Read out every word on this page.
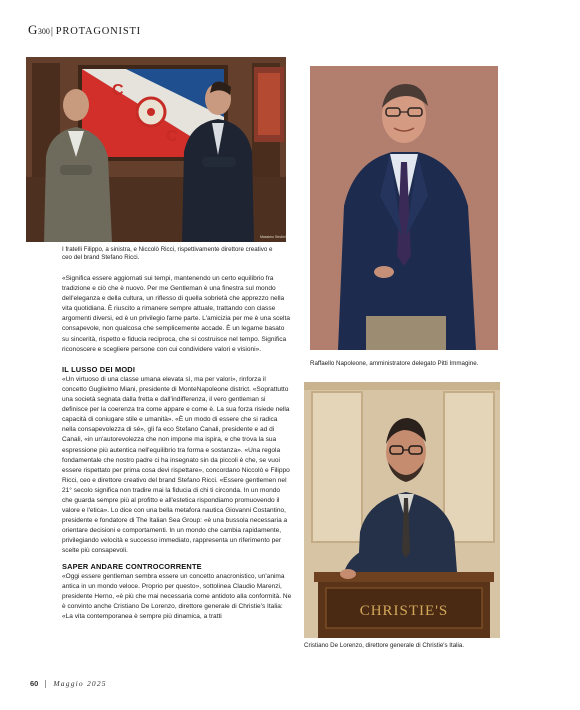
G 300 | PROTAGONISTI
C
C
Massimo Sestini
I fratelli Filippo, a sinistra, e Niccolò Ricci, rispettivamente direttore creativo e ceo del brand Stefano Ricci.
Raffaello Napoleone, amministratore delegato Pitti Immagine.
CHRISTIE'S
Cristiano De Lorenzo, direttore generale di Christie's Italia.

«Significa essere aggiornati sui tempi, mantenendo un certo equilibrio fra tradizione e ciò che è nuovo. Per me Gentleman è una finestra sul mondo dell'eleganza e della cultura, un riflesso di quella sobrietà che apprezzo nella vita quotidiana. È riuscito a rimanere sempre attuale, trattando con classe argomenti diversi, ed è un privilegio farne parte. L'amicizia per me è una scelta consapevole, non qualcosa che semplicemente accade. È un legame basato su sincerità, rispetto e fiducia reciproca, che si costruisce nel tempo. Significa riconoscere e scegliere persone con cui condividere valori e visioni».

IL LUSSO DEI MODI

«Un virtuoso di una classe umana elevata sì, ma per valori», rinforza il concetto Guglielmo Miani, presidente di MonteNapoleone district. «Soprattutto una società segnata dalla fretta e dall'indifferenza, il vero gentleman si definisce per la coerenza tra come appare e come è. La sua forza risiede nella capacità di coniugare stile e umanità». «È un modo di essere che si radica nella consapevolezza di sé», gli fa eco Stefano Canali, presidente e ad di Canali, «in un'autorevolezza che non impone ma ispira, e che trova la sua espressione più autentica nell'equilibrio tra forma e sostanza». «Una regola fondamentale che nostro padre ci ha insegnato sin da piccoli è che, se vuoi essere rispettato per prima cosa devi rispettare», concordano Niccolò e Filippo Ricci, ceo e direttore creativo del brand Stefano Ricci. «Essere gentlemen nel 21° secolo significa non tradire mai la fiducia di chi ti circonda. In un mondo che guarda sempre più al profitto e all'estetica rispondiamo promuovendo il valore e l'etica». Lo dice con una bella metafora nautica Giovanni Costantino, presidente e fondatore di The Italian Sea Group: «è una bussola necessaria a orientare decisioni e comportamenti. In un mondo che cambia rapidamente, privilegiando velocità e successo immediato, rappresenta un riferimento per scelte più consapevoli.

SAPER ANDARE CONTROCORRENTE

«Oggi essere gentleman sembra essere un concetto anacronistico, un'anima antica in un mondo veloce. Proprio per questo», sottolinea Claudio Marenzi, presidente Herno, «è più che mai necessaria come antidoto alla conformità. Ne è convinto anche Cristiano De Lorenzo, direttore generale di Christie's Italia: «La vita contemporanea è sempre più dinamica, a tratti

60 Maggio 2025
